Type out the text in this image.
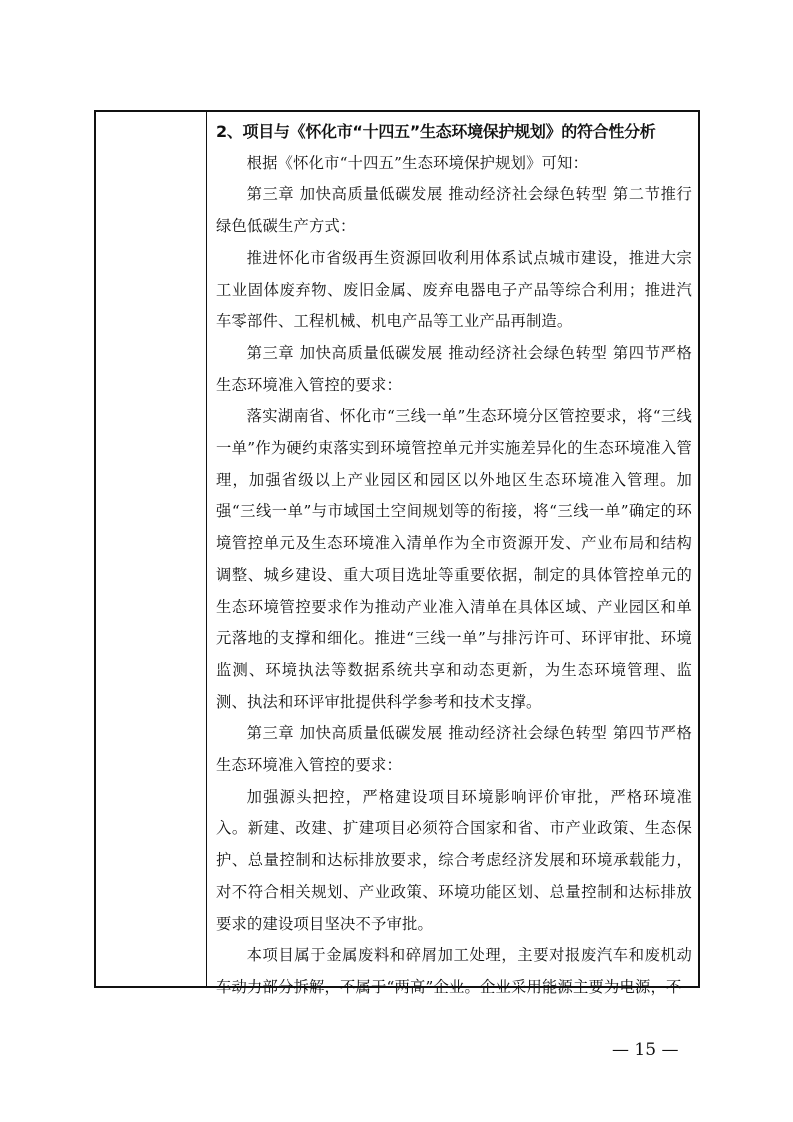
2、项目与《怀化市“十四五”生态环境保护规划》的符合性分析

根据《怀化市“十四五”生态环境保护规划》可知：

第三章 加快高质量低碳发展 推动经济社会绿色转型 第二节推行绿色低碳生产方式：

推进怀化市省级再生资源回收利用体系试点城市建设，推进大宗工业固体废弃物、废旧金属、废弃电器电子产品等综合利用；推进汽车零部件、工程机械、机电产品等工业产品再制造。

第三章 加快高质量低碳发展 推动经济社会绿色转型 第四节严格生态环境准入管控的要求：

落实湖南省、怀化市“三线一单”生态环境分区管控要求，将“三线一单”作为硬约束落实到环境管控单元并实施差异化的生态环境准入管理，加强省级以上产业园区和园区以外地区生态环境准入管理。加强“三线一单”与市域国土空间规划等的衔接，将“三线一单”确定的环境管控单元及生态环境准入清单作为全市资源开发、产业布局和结构调整、城乡建设、重大项目选址等重要依据，制定的具体管控单元的生态环境管控要求作为推动产业准入清单在具体区域、产业园区和单元落地的支撑和细化。推进“三线一单”与排污许可、环评审批、环境监测、环境执法等数据系统共享和动态更新，为生态环境管理、监测、执法和环评审批提供科学参考和技术支撑。

第三章 加快高质量低碳发展 推动经济社会绿色转型 第四节严格生态环境准入管控的要求：

加强源头把控，严格建设项目环境影响评价审批，严格环境准入。新建、改建、扩建项目必须符合国家和省、市产业政策、生态保护、总量控制和达标排放要求，综合考虑经济发展和环境承载能力，对不符合相关规划、产业政策、环境功能区划、总量控制和达标排放要求的建设项目坚决不予审批。

本项目属于金属废料和碎屑加工处理，主要对报废汽车和废机动车动力部分拆解，不属于“两高”企业。企业采用能源主要为电源，不

— 15 —
